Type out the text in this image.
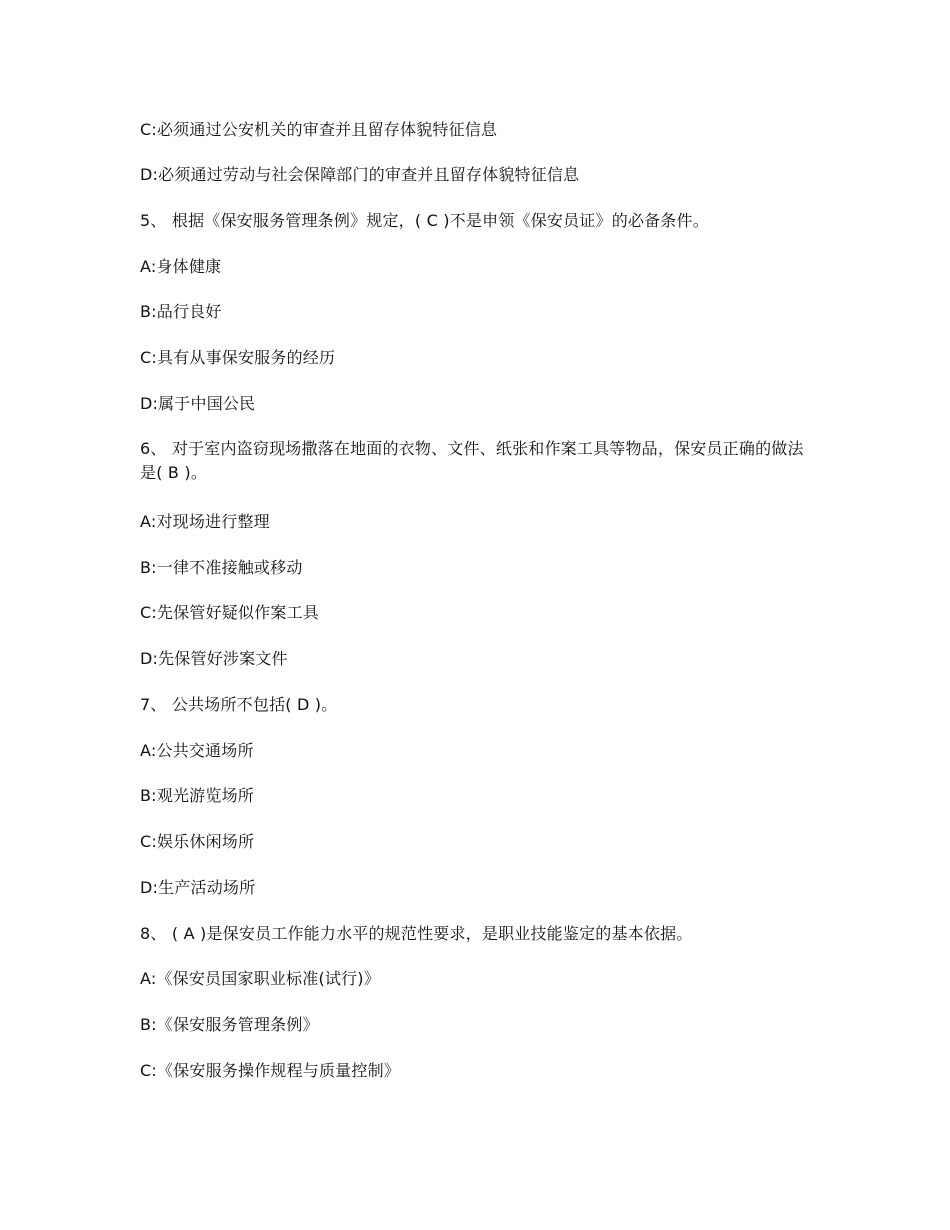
C:必须通过公安机关的审查并且留存体貌特征信息
D:必须通过劳动与社会保障部门的审查并且留存体貌特征信息
5、 根据《保安服务管理条例》规定，( C )不是申领《保安员证》的必备条件。
A:身体健康
B:品行良好
C:具有从事保安服务的经历
D:属于中国公民
6、 对于室内盗窃现场撒落在地面的衣物、文件、纸张和作案工具等物品，保安员正确的做法是( B )。
A:对现场进行整理
B:一律不准接触或移动
C:先保管好疑似作案工具
D:先保管好涉案文件
7、 公共场所不包括( D )。
A:公共交通场所
B:观光游览场所
C:娱乐休闲场所
D:生产活动场所
8、 ( A )是保安员工作能力水平的规范性要求，是职业技能鉴定的基本依据。
A:《保安员国家职业标准(试行)》
B:《保安服务管理条例》
C:《保安服务操作规程与质量控制》
